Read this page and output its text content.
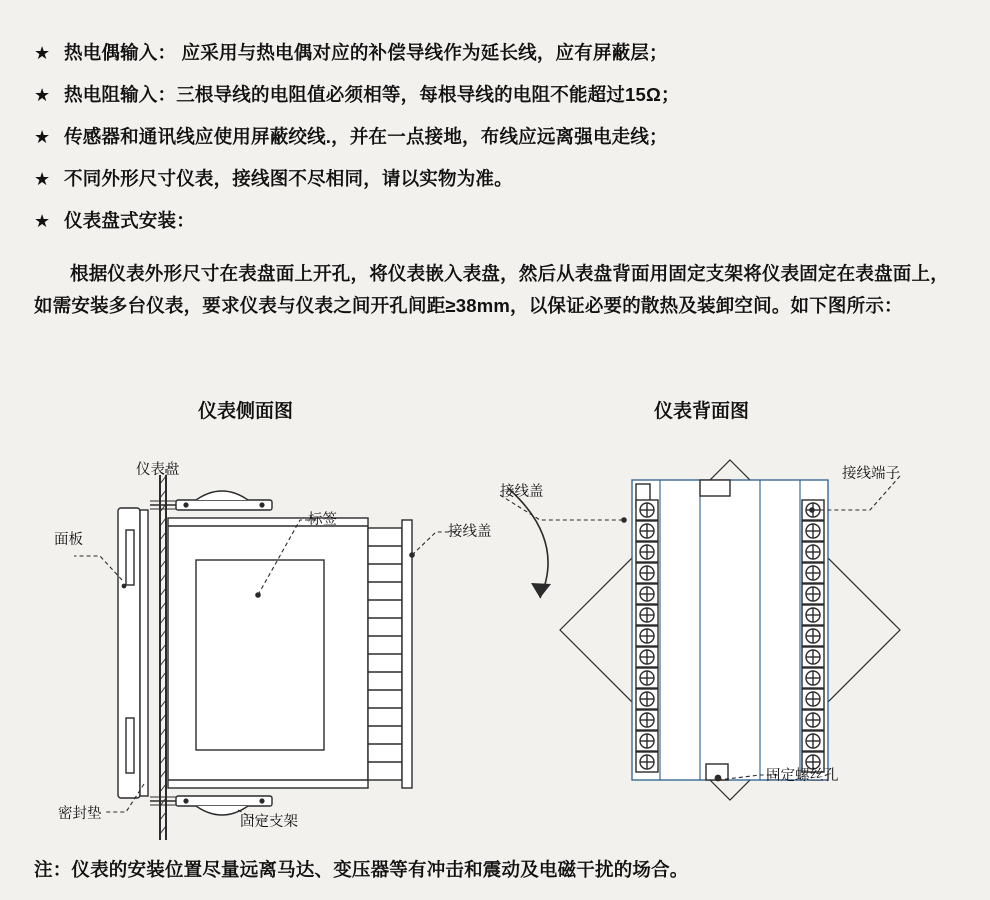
★ 热电偶输入： 应采用与热电偶对应的补偿导线作为延长线，应有屏蔽层；
★ 热电阻输入：三根导线的电阻值必须相等，每根导线的电阻不能超过15Ω；
★ 传感器和通讯线应使用屏蔽绞线.，并在一点接地，布线应远离强电走线；
★ 不同外形尺寸仪表，接线图不尽相同，请以实物为准。
★ 仪表盘式安装：
根据仪表外形尺寸在表盘面上开孔，将仪表嵌入表盘，然后从表盘背面用固定支架将仪表固定在表盘面上，如需安装多台仪表，要求仪表与仪表之间开孔间距≥38mm，以保证必要的散热及装卸空间。如下图所示：
仪表侧面图	仪表背面图
仪表盘
面板
标签
接线盖
密封垫	固定支架
接线盖
接线端子
固定螺丝孔
注：仪表的安装位置尽量远离马达、变压器等有冲击和震动及电磁干扰的场合。
